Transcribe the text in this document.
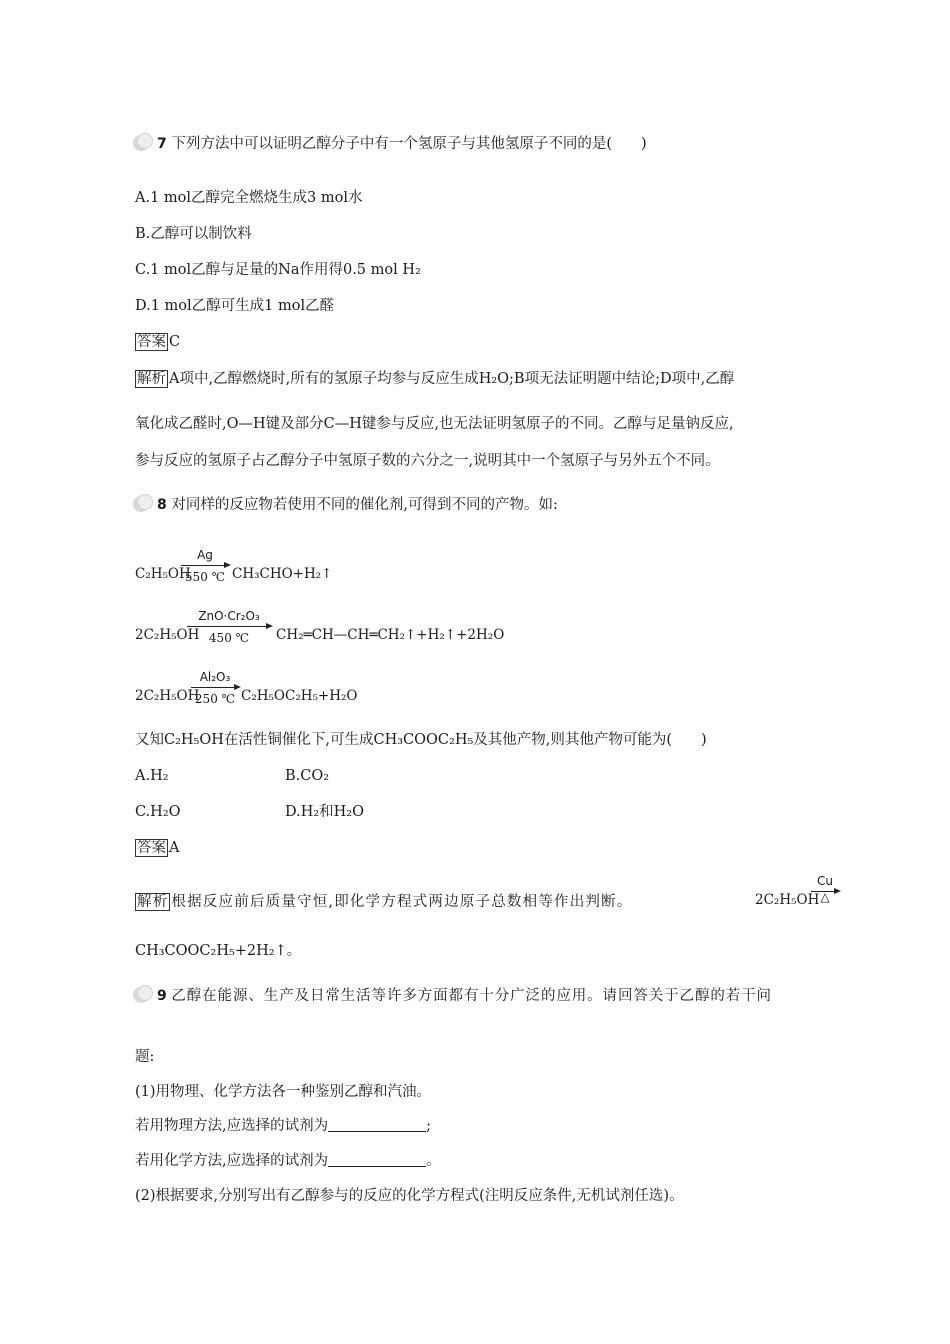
7 下列方法中可以证明乙醇分子中有一个氢原子与其他氢原子不同的是(　　)
A.1 mol乙醇完全燃烧生成3 mol水
B.乙醇可以制饮料
C.1 mol乙醇与足量的Na作用得0.5 mol H₂
D.1 mol乙醇可生成1 mol乙醛
答案 C
解析 A项中,乙醇燃烧时,所有的氢原子均参与反应生成H₂O;B项无法证明题中结论;D项中,乙醇
氧化成乙醛时,O—H键及部分C—H键参与反应,也无法证明氢原子的不同。乙醇与足量钠反应,
参与反应的氢原子占乙醇分子中氢原子数的六分之一,说明其中一个氢原子与另外五个不同。
8 对同样的反应物若使用不同的催化剂,可得到不同的产物。如:
C₂H₅OH
Ag
550 ℃ CH₃CHO+H₂↑
2C₂H₅OH
ZnO·Cr₂O₃
450 ℃	CH₂═CH—CH═CH₂↑+H₂↑+2H₂O
2C₂H₅OH
Al₂O₃
250 ℃ C₂H₅OC₂H₅+H₂O
又知C₂H₅OH在活性铜催化下,可生成CH₃COOC₂H₅及其他产物,则其他产物可能为(　　)
A.H₂	B.CO₂
C.H₂O	D.H₂和H₂O
答案 A
解析 根据反应前后质量守恒,即化学方程式两边原子总数相等作出判断。	2C₂H₅OH
Cu
△
CH₃COOC₂H₅+2H₂↑。
9 乙醇在能源、生产及日常生活等许多方面都有十分广泛的应用。请回答关于乙醇的若干问
题:
(1)用物理、化学方法各一种鉴别乙醇和汽油。
若用物理方法,应选择的试剂为	;
若用化学方法,应选择的试剂为	。
(2)根据要求,分别写出有乙醇参与的反应的化学方程式(注明反应条件,无机试剂任选)。
